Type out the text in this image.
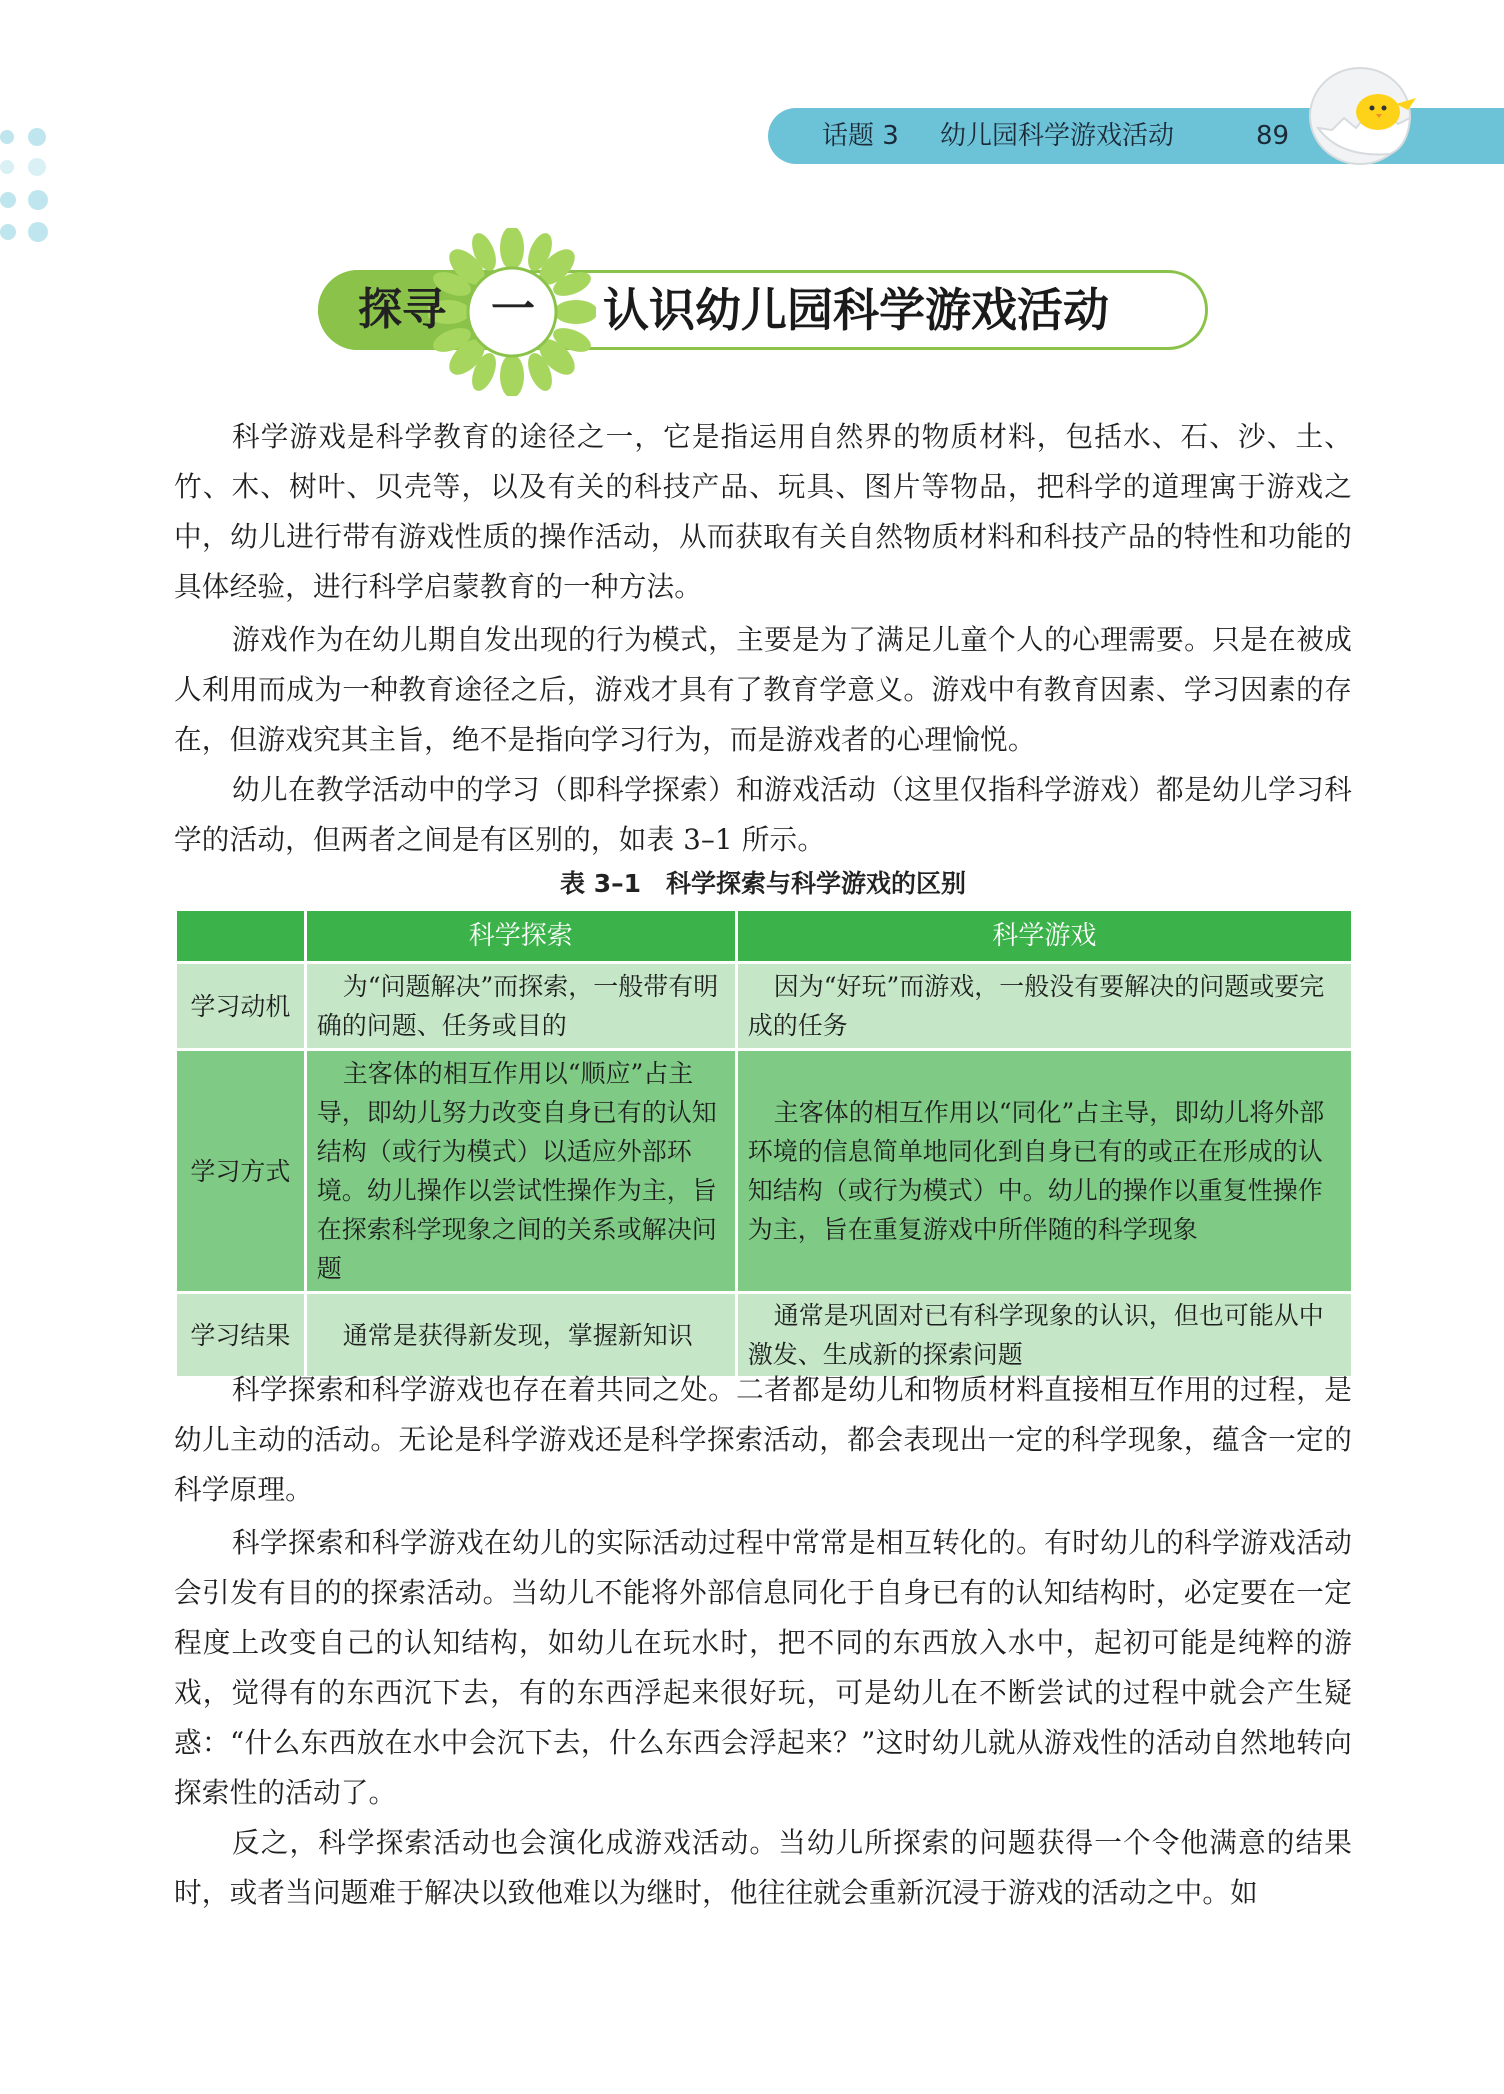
话题 3 幼儿园科学游戏活动	89
探寻 一 认识幼儿园科学游戏活动

科学游戏是科学教育的途径之一，它是指运用自然界的物质材料，包括水、石、沙、土、竹、木、树叶、贝壳等，以及有关的科技产品、玩具、图片等物品，把科学的道理寓于游戏之中，幼儿进行带有游戏性质的操作活动，从而获取有关自然物质材料和科技产品的特性和功能的具体经验，进行科学启蒙教育的一种方法。

游戏作为在幼儿期自发出现的行为模式，主要是为了满足儿童个人的心理需要。只是在被成人利用而成为一种教育途径之后，游戏才具有了教育学意义。游戏中有教育因素、学习因素的存在，但游戏究其主旨，绝不是指向学习行为，而是游戏者的心理愉悦。

幼儿在教学活动中的学习（即科学探索）和游戏活动（这里仅指科学游戏）都是幼儿学习科学的活动，但两者之间是有区别的，如表 3–1 所示。

表 3–1　科学探索与科学游戏的区别
	科学探索	科学游戏
学习动机	为“问题解决”而探索，一般带有明确的问题、任务或目的	因为“好玩”而游戏，一般没有要解决的问题或要完成的任务
学习方式	主客体的相互作用以“顺应”占主导，即幼儿努力改变自身已有的认知结构（或行为模式）以适应外部环境。幼儿操作以尝试性操作为主，旨在探索科学现象之间的关系或解决问题	主客体的相互作用以“同化”占主导，即幼儿将外部环境的信息简单地同化到自身已有的或正在形成的认知结构（或行为模式）中。幼儿的操作以重复性操作为主，旨在重复游戏中所伴随的科学现象
学习结果	通常是获得新发现，掌握新知识	通常是巩固对已有科学现象的认识，但也可能从中激发、生成新的探索问题

科学探索和科学游戏也存在着共同之处。二者都是幼儿和物质材料直接相互作用的过程，是幼儿主动的活动。无论是科学游戏还是科学探索活动，都会表现出一定的科学现象，蕴含一定的科学原理。

科学探索和科学游戏在幼儿的实际活动过程中常常是相互转化的。有时幼儿的科学游戏活动会引发有目的的探索活动。当幼儿不能将外部信息同化于自身已有的认知结构时，必定要在一定程度上改变自己的认知结构，如幼儿在玩水时，把不同的东西放入水中，起初可能是纯粹的游戏，觉得有的东西沉下去，有的东西浮起来很好玩，可是幼儿在不断尝试的过程中就会产生疑惑：“什么东西放在水中会沉下去，什么东西会浮起来？”这时幼儿就从游戏性的活动自然地转向探索性的活动了。

反之，科学探索活动也会演化成游戏活动。当幼儿所探索的问题获得一个令他满意的结果时，或者当问题难于解决以致他难以为继时，他往往就会重新沉浸于游戏的活动之中。如
